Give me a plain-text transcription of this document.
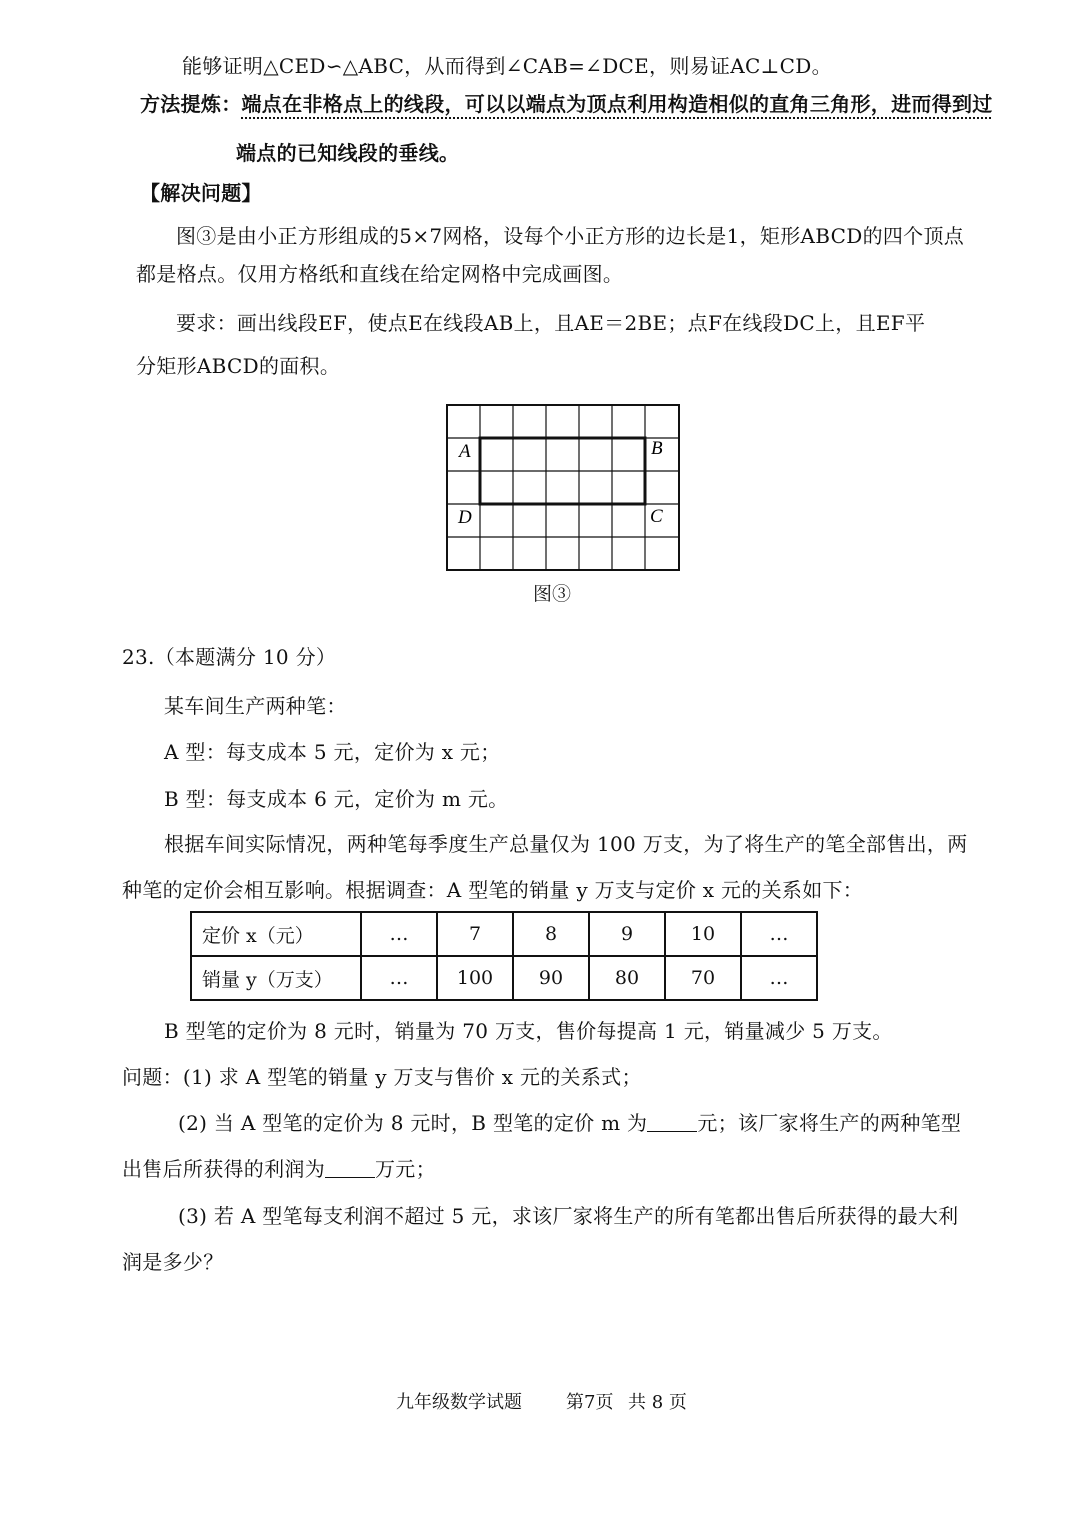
能够证明△CED∽△ABC，从而得到∠CAB=∠DCE，则易证AC⊥CD。
方法提炼：端点在非格点上的线段，可以以端点为顶点利用构造相似的直角三角形，进而得到过
端点的已知线段的垂线。
【解决问题】
图③是由小正方形组成的5×7网格，设每个小正方形的边长是1，矩形ABCD的四个顶点
都是格点。仅用方格纸和直线在给定网格中完成画图。
要求：画出线段EF，使点E在线段AB上，且AE＝2BE；点F在线段DC上，且EF平
分矩形ABCD的面积。
A	B
C
D
图③
23.（本题满分 10 分）
某车间生产两种笔：
A 型：每支成本 5 元，定价为 x 元；
B 型：每支成本 6 元，定价为 m 元。
根据车间实际情况，两种笔每季度生产总量仅为 100 万支，为了将生产的笔全部售出，两
种笔的定价会相互影响。根据调查：A 型笔的销量 y 万支与定价 x 元的关系如下：
定价 x（元）	…	7	8	9	10	…
销量 y（万支）	…	100	90	80	70	…
B 型笔的定价为 8 元时，销量为 70 万支，售价每提高 1 元，销量减少 5 万支。
问题：(1) 求 A 型笔的销量 y 万支与售价 x 元的关系式；
(2) 当 A 型笔的定价为 8 元时，B 型笔的定价 m 为	元；该厂家将生产的两种笔型
出售后所获得的利润为	万元；
(3) 若 A 型笔每支利润不超过 5 元，求该厂家将生产的所有笔都出售后所获得的最大利
润是多少？
九年级数学试题 第7页 共 8 页
